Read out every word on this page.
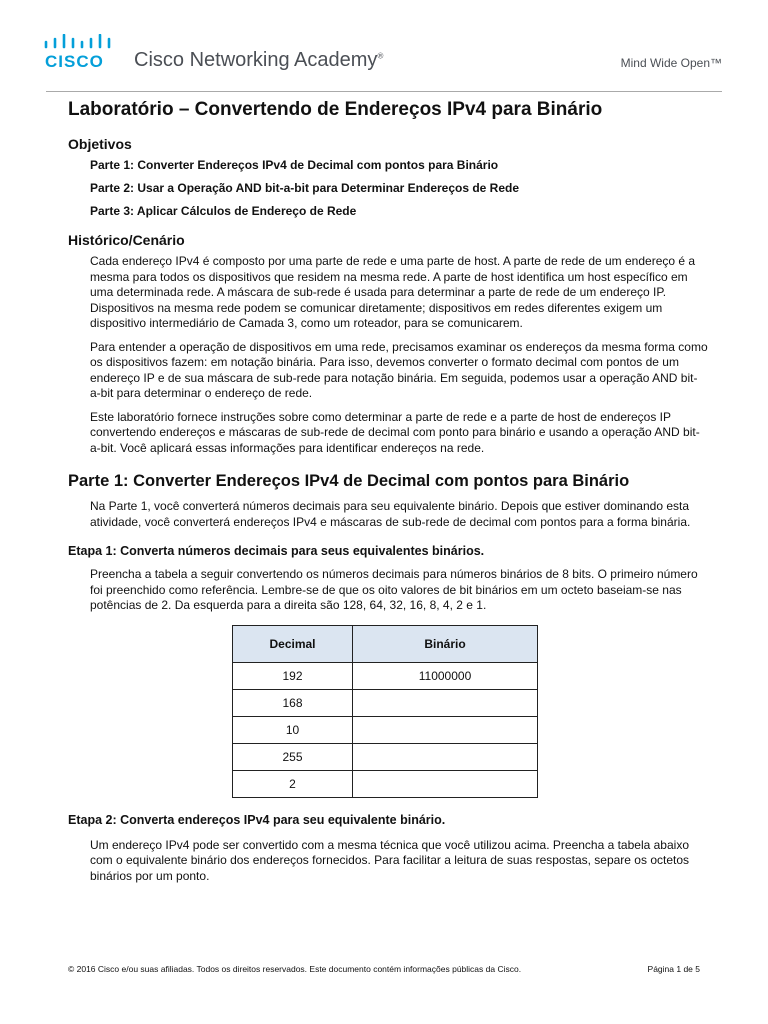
CISCO Cisco Networking Academy®
Mind Wide Open™
Laboratório – Convertendo de Endereços IPv4 para Binário
Objetivos

Parte 1: Converter Endereços IPv4 de Decimal com pontos para Binário

Parte 2: Usar a Operação AND bit-a-bit para Determinar Endereços de Rede

Parte 3: Aplicar Cálculos de Endereço de Rede

Histórico/Cenário

Cada endereço IPv4 é composto por uma parte de rede e uma parte de host. A parte de rede de um endereço é a mesma para todos os dispositivos que residem na mesma rede. A parte de host identifica um host específico em uma determinada rede. A máscara de sub-rede é usada para determinar a parte de rede de um endereço IP. Dispositivos na mesma rede podem se comunicar diretamente; dispositivos em redes diferentes exigem um dispositivo intermediário de Camada 3, como um roteador, para se comunicarem.

Para entender a operação de dispositivos em uma rede, precisamos examinar os endereços da mesma forma como os dispositivos fazem: em notação binária. Para isso, devemos converter o formato decimal com pontos de um endereço IP e de sua máscara de sub-rede para notação binária. Em seguida, podemos usar a operação AND bit-a-bit para determinar o endereço de rede.

Este laboratório fornece instruções sobre como determinar a parte de rede e a parte de host de endereços IP convertendo endereços e máscaras de sub-rede de decimal com ponto para binário e usando a operação AND bit-a-bit. Você aplicará essas informações para identificar endereços na rede.

Parte 1: Converter Endereços IPv4 de Decimal com pontos para Binário

Na Parte 1, você converterá números decimais para seu equivalente binário. Depois que estiver dominando esta atividade, você converterá endereços IPv4 e máscaras de sub-rede de decimal com pontos para a forma binária.

Etapa 1: Converta números decimais para seus equivalentes binários.

Preencha a tabela a seguir convertendo os números decimais para números binários de 8 bits. O primeiro número foi preenchido como referência. Lembre-se de que os oito valores de bit binários em um octeto baseiam-se nas potências de 2. Da esquerda para a direita são 128, 64, 32, 16, 8, 4, 2 e 1.

Decimal	Binário
192	11000000
168	
10	
255	
2	
Etapa 2: Converta endereços IPv4 para seu equivalente binário.

Um endereço IPv4 pode ser convertido com a mesma técnica que você utilizou acima. Preencha a tabela abaixo com o equivalente binário dos endereços fornecidos. Para facilitar a leitura de suas respostas, separe os octetos binários por um ponto.

© 2016 Cisco e/ou suas afiliadas. Todos os direitos reservados. Este documento contém informações públicas da Cisco.	Página 1 de 5
